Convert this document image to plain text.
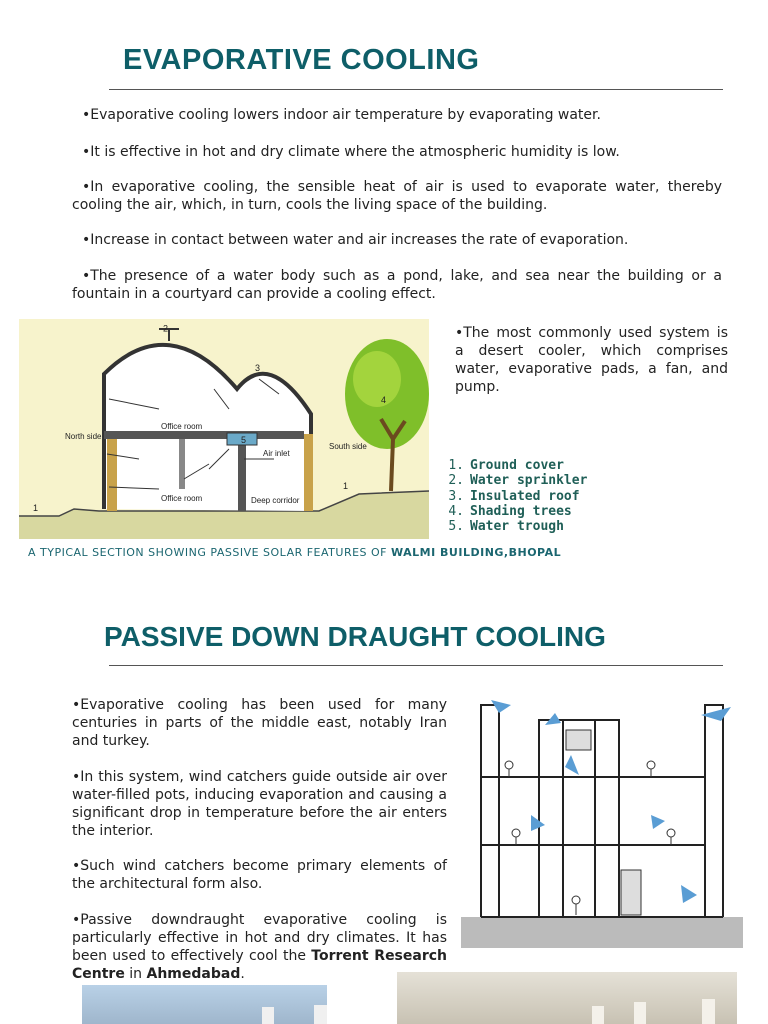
EVAPORATIVE COOLING
•Evaporative cooling lowers indoor air temperature by evaporating water.
•It is effective in hot and dry climate where the atmospheric humidity is low.
•In evaporative cooling, the sensible heat of air is used to evaporate water, thereby cooling the air, which, in turn, cools the living space of the building.
•Increase in contact between water and air increases the rate of evaporation.
•The presence of a water body such as a pond, lake, and sea near the building or a fountain in a courtyard can provide a cooling effect.
Office room
Office room
North side
South side
Air inlet
Deep corridor
1
1
2
3
4
5
•The most commonly used system is a desert cooler, which comprises water, evaporative pads, a fan, and pump.
1. Ground cover
2. Water sprinkler
3. Insulated roof
4. Shading trees
5. Water trough
A TYPICAL SECTION SHOWING PASSIVE SOLAR FEATURES OF WALMI BUILDING,BHOPAL
PASSIVE DOWN DRAUGHT COOLING
•Evaporative cooling has been used for many centuries in parts of the middle east, notably Iran and turkey.
•In this system, wind catchers guide outside air over water-filled pots, inducing evaporation and causing a significant drop in temperature before the air enters the interior.
•Such wind catchers become primary elements of the architectural form also.
•Passive downdraught evaporative cooling is particularly effective in hot and dry climates. It has been used to effectively cool the Torrent Research Centre in Ahmedabad.
